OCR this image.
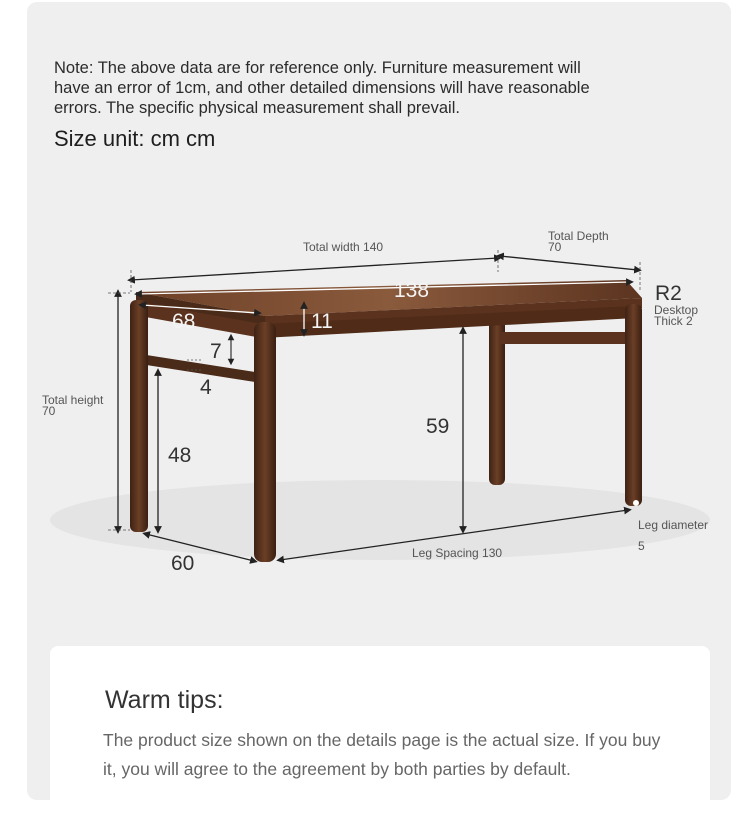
Note: The above data are for reference only. Furniture measurement will have an error of 1cm, and other detailed dimensions will have reasonable errors. The specific physical measurement shall prevail.

Size unit: cm cm

Total width 140
Total Depth
70
138	R2
Desktop
Thick 2
68	11
7
4
Total height
70
48
59
Leg diameter
5
60	Leg Spacing 130

Warm tips:

The product size shown on the details page is the actual size. If you buy it, you will agree to the agreement by both parties by default.
